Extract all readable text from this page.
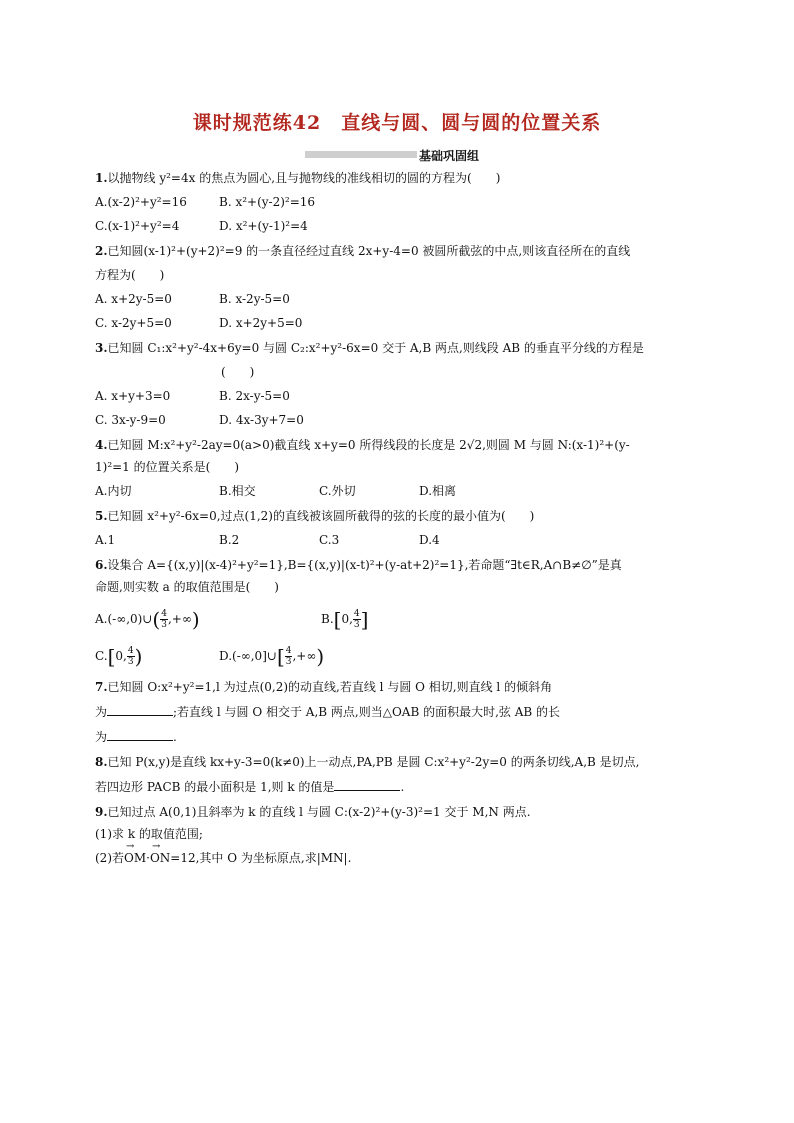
课时规范练42　直线与圆、圆与圆的位置关系
基础巩固组

1.以抛物线 y²=4x 的焦点为圆心,且与抛物线的准线相切的圆的方程为(　　)

A.(x-2)²+y²=16	B. x²+(y-2)²=16
C.(x-1)²+y²=4	D. x²+(y-1)²=4

2.已知圆(x-1)²+(y+2)²=9 的一条直径经过直线 2x+y-4=0 被圆所截弦的中点,则该直径所在的直线

方程为(　　)

A. x+2y-5=0	B. x-2y-5=0
C. x-2y+5=0	D. x+2y+5=0

3.已知圆 C₁:x²+y²-4x+6y=0 与圆 C₂:x²+y²-6x=0 交于 A,B 两点,则线段 AB 的垂直平分线的方程是

(　　)

A. x+y+3=0	B. 2x-y-5=0
C. 3x-y-9=0	D. 4x-3y+7=0

4.已知圆 M:x²+y²-2ay=0(a>0)截直线 x+y=0 所得线段的长度是 2√2,则圆 M 与圆 N:(x-1)²+(y-

1)²=1 的位置关系是(　　)

A.内切	B.相交	C.外切	D.相离

5.已知圆 x²+y²-6x=0,过点(1,2)的直线被该圆所截得的弦的长度的最小值为(　　)

A.1	B.2	C.3	D.4

6.设集合 A={(x,y)|(x-4)²+y²=1},B={(x,y)|(x-t)²+(y-at+2)²=1},若命题“∃t∈R,A∩B≠∅”是真

命题,则实数 a 的取值范围是(　　)

A.(-∞,0)∪( $\frac{4}{3}$ ,+∞)	B.[0, $\frac{4}{3}$ ]
C.[0, $\frac{4}{3}$ )	D.(-∞,0]∪[ $\frac{4}{3}$ ,+∞)

7.已知圆 O:x²+y²=1,l 为过点(0,2)的动直线,若直线 l 与圆 O 相切,则直线 l 的倾斜角

为	;若直线 l 与圆 O 相交于 A,B 两点,则当△OAB 的面积最大时,弦 AB 的长

为	.

8.已知 P(x,y)是直线 kx+y-3=0(k≠0)上一动点,PA,PB 是圆 C:x²+y²-2y=0 的两条切线,A,B 是切点,

若四边形 PACB 的最小面积是 1,则 k 的值是	.

9.已知过点 A(0,1)且斜率为 k 的直线 l 与圆 C:(x-2)²+(y-3)²=1 交于 M,N 两点.

(1)求 k 的取值范围;

(2)若→ OM·→ ON=12,其中 O 为坐标原点,求|MN|.
